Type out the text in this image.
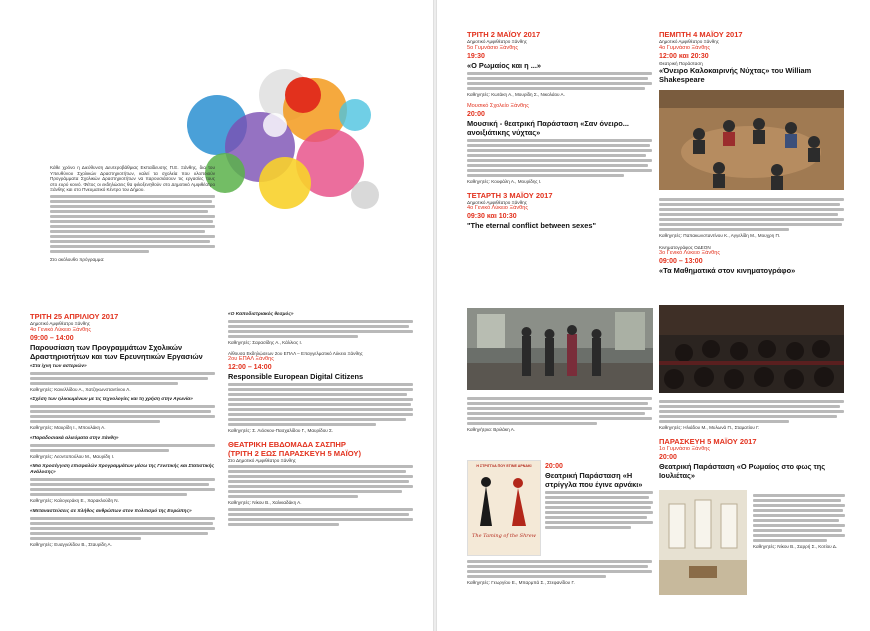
Κάθε χρόνο η Διεύθυνση Δευτεροβάθμιας Εκπαίδευσης Π.Ε. Ξάνθης, δια του Υπευθύνου Σχολικών Δραστηριοτήτων, καλεί τα σχολεία που υλοποιούν Προγράμματα Σχολικών Δραστηριοτήτων να παρουσιάσουν τις εργασίες τους στο ευρύ κοινό. Φέτος οι εκδηλώσεις θα φιλοξενηθούν στο Δημοτικό Αμφιθέατρο Ξάνθης και στο Πνευματικό Κέντρο του Δήμου.
Στο ακόλουθο πρόγραμμα:
ΤΡΙΤΗ 25 ΑΠΡΙΛΙΟΥ 2017
Δημοτικό Αμφιθέατρο Ξάνθης
4ο Γενικό Λύκειο Ξάνθης
09:00 – 14:00
Παρουσίαση των Προγραμμάτων Σχολικών Δραστηριοτήτων και των Ερευνητικών Εργασιών
«Στα ίχνη των αστεριών»
Καθηγητές: Κανελλίδου Α., Χατζηκωνσταντίνου Λ.
«Σχέση των ηλικιωμένων με τις τεχνολογίες και τη χρήση στην Αγωνία»
Καθηγητές: Μαυρίδη Ι., Μπουλάκη Α.
«Παραδοσιακά αλιεύματα στην Ξάνθη»
Καθηγητές: Λεοντοπούλου Μ., Μαυρίδη Ι.
«Μια προσέγγιση επισφαλών προγραμμάτων μέσω της Γενετικής και Στατιστικής Ανάλυσης»
Καθηγητές: Καλογεράκη Ε., Χαρακλούδη Ν.
«Μεταναστεύσεις σε πλήθος ανθρώπων στον πολιτισμό της Ευρώπης»
Καθηγητές: Ευαγγελίδου Β., Σταυρίδη Α.
«Ο Καποδιστριακός θεσμός»
Καθηγητές: Σαρασίδης Α., Κάλλιος Ι.
Αίθουσα Εκδηλώσεων 2ου ΕΠΑΛ – Επαγγελματικό Λύκειο Ξάνθης
2ου ΕΠΑΛ Ξάνθης
12:00 – 14:00
Responsible European Digital Citizens
Καθηγητές: Σ. Λιόσκου-Πασχαλίδου Γ., Μαυρίδου Σ.
ΘΕΑΤΡΙΚΗ ΕΒΔΟΜΑΔΑ ΣΑΣΠΗΡ
(ΤΡΙΤΗ 2 ΕΩΣ ΠΑΡΑΣΚΕΥΗ 5 ΜΑΪΟΥ)
Στο Δημοτικό Αμφιθέατρο Ξάνθης
Καθηγητές: Νίκου Β., Χαλκιαδάκη Α.
ΤΡΙΤΗ 2 ΜΑΪΟΥ 2017
Δημοτικό Αμφιθέατρο Ξάνθης
5ο Γυμνάσιο Ξάνθης
19:30
«Ο Ρωμαίος και η ...»
Καθηγητές: Κωτάκη Α., Μουρίδη Σ., Νικολάου Α.
Μουσικό Σχολείο Ξάνθης
20:00
Μουσική - θεατρική Παράσταση «Σαν όνειρο... ανοιξιάτικης νύχτας»
Καθηγητές: Κουφάλη Α., Μουρίδης Ι.
ΤΕΤΑΡΤΗ 3 ΜΑΪΟΥ 2017
Δημοτικό Αμφιθέατρο Ξάνθης
4ο Γενικό Λύκειο Ξάνθης
09:30 και 10:30
"The eternal conflict between sexes"
Καθηγήτρια: Βριλάκη Α.
Η ΣΤΡΙΓΓΛΑ ΠΟΥ ΕΓΙΝΕ ΑΡΝΑΚΙ
The Taming of the Shrew
20:00
Θεατρική Παράσταση «Η στρίγγλα που έγινε αρνάκι»
Καθηγητές: Γεωργίου Ε., Μπαρμπά Σ., Στεφανίδου Γ.
ΠΕΜΠΤΗ 4 ΜΑΪΟΥ 2017
Δημοτικό Αμφιθέατρο Ξάνθης
4ο Γυμνάσιο Ξάνθης
12:00 και 20:30
Θεατρική Παράσταση
«Όνειρο Καλοκαιρινής Νύχτας» του William Shakespeare
Καθηγητές: Παπακωνσταντίνου Κ., Αγγελίδη Μ., Μουχρη Π.
Κινηματογράφος ΟΔΕΟΝ
3ο Γενικό Λύκειο Ξάνθης
09:00 – 13:00
«Τα Μαθηματικά στον κινηματογράφο»
Καθηγητές: Ηλιάδου Μ., Μυλωνά Π., Σταματίου Γ.
ΠΑΡΑΣΚΕΥΗ 5 ΜΑΪΟΥ 2017
1ο Γυμνάσιο Ξάνθης
20:00
Θεατρική Παράσταση «Ο Ρωμαίος στο φως της Ιουλιέτας»
Καθηγητές: Νίκου Β., Σαρρή Σ., Κοτίου Δ.
